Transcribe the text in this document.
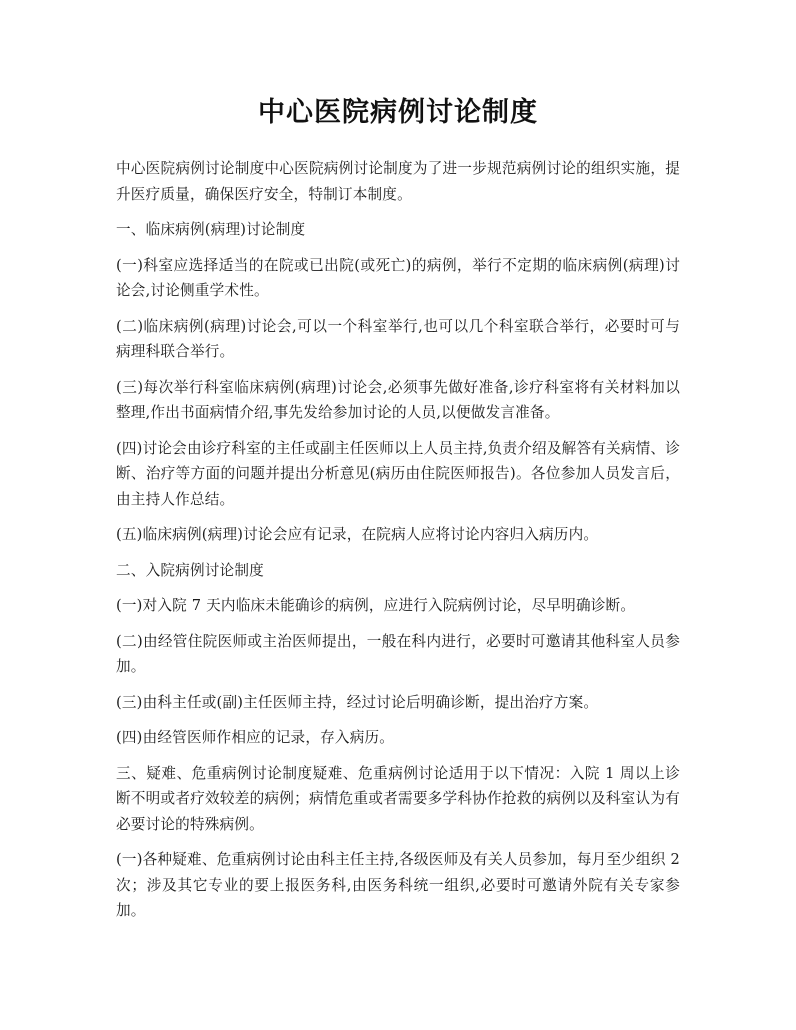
中心医院病例讨论制度

中心医院病例讨论制度中心医院病例讨论制度为了进一步规范病例讨论的组织实施，提升医疗质量，确保医疗安全，特制订本制度。

一、临床病例(病理)讨论制度

(一)科室应选择适当的在院或已出院(或死亡)的病例，举行不定期的临床病例(病理)讨论会,讨论侧重学术性。

(二)临床病例(病理)讨论会,可以一个科室举行,也可以几个科室联合举行，必要时可与病理科联合举行。

(三)每次举行科室临床病例(病理)讨论会,必须事先做好准备,诊疗科室将有关材料加以整理,作出书面病情介绍,事先发给参加讨论的人员,以便做发言准备。

(四)讨论会由诊疗科室的主任或副主任医师以上人员主持,负责介绍及解答有关病情、诊断、治疗等方面的问题并提出分析意见(病历由住院医师报告)。各位参加人员发言后，由主持人作总结。

(五)临床病例(病理)讨论会应有记录，在院病人应将讨论内容归入病历内。

二、入院病例讨论制度

(一)对入院 7 天内临床未能确诊的病例，应进行入院病例讨论，尽早明确诊断。

(二)由经管住院医师或主治医师提出，一般在科内进行，必要时可邀请其他科室人员参加。

(三)由科主任或(副)主任医师主持，经过讨论后明确诊断，提出治疗方案。

(四)由经管医师作相应的记录，存入病历。

三、疑难、危重病例讨论制度疑难、危重病例讨论适用于以下情况：入院 1 周以上诊断不明或者疗效较差的病例；病情危重或者需要多学科协作抢救的病例以及科室认为有必要讨论的特殊病例。

(一)各种疑难、危重病例讨论由科主任主持,各级医师及有关人员参加，每月至少组织 2 次；涉及其它专业的要上报医务科,由医务科统一组织,必要时可邀请外院有关专家参加。
